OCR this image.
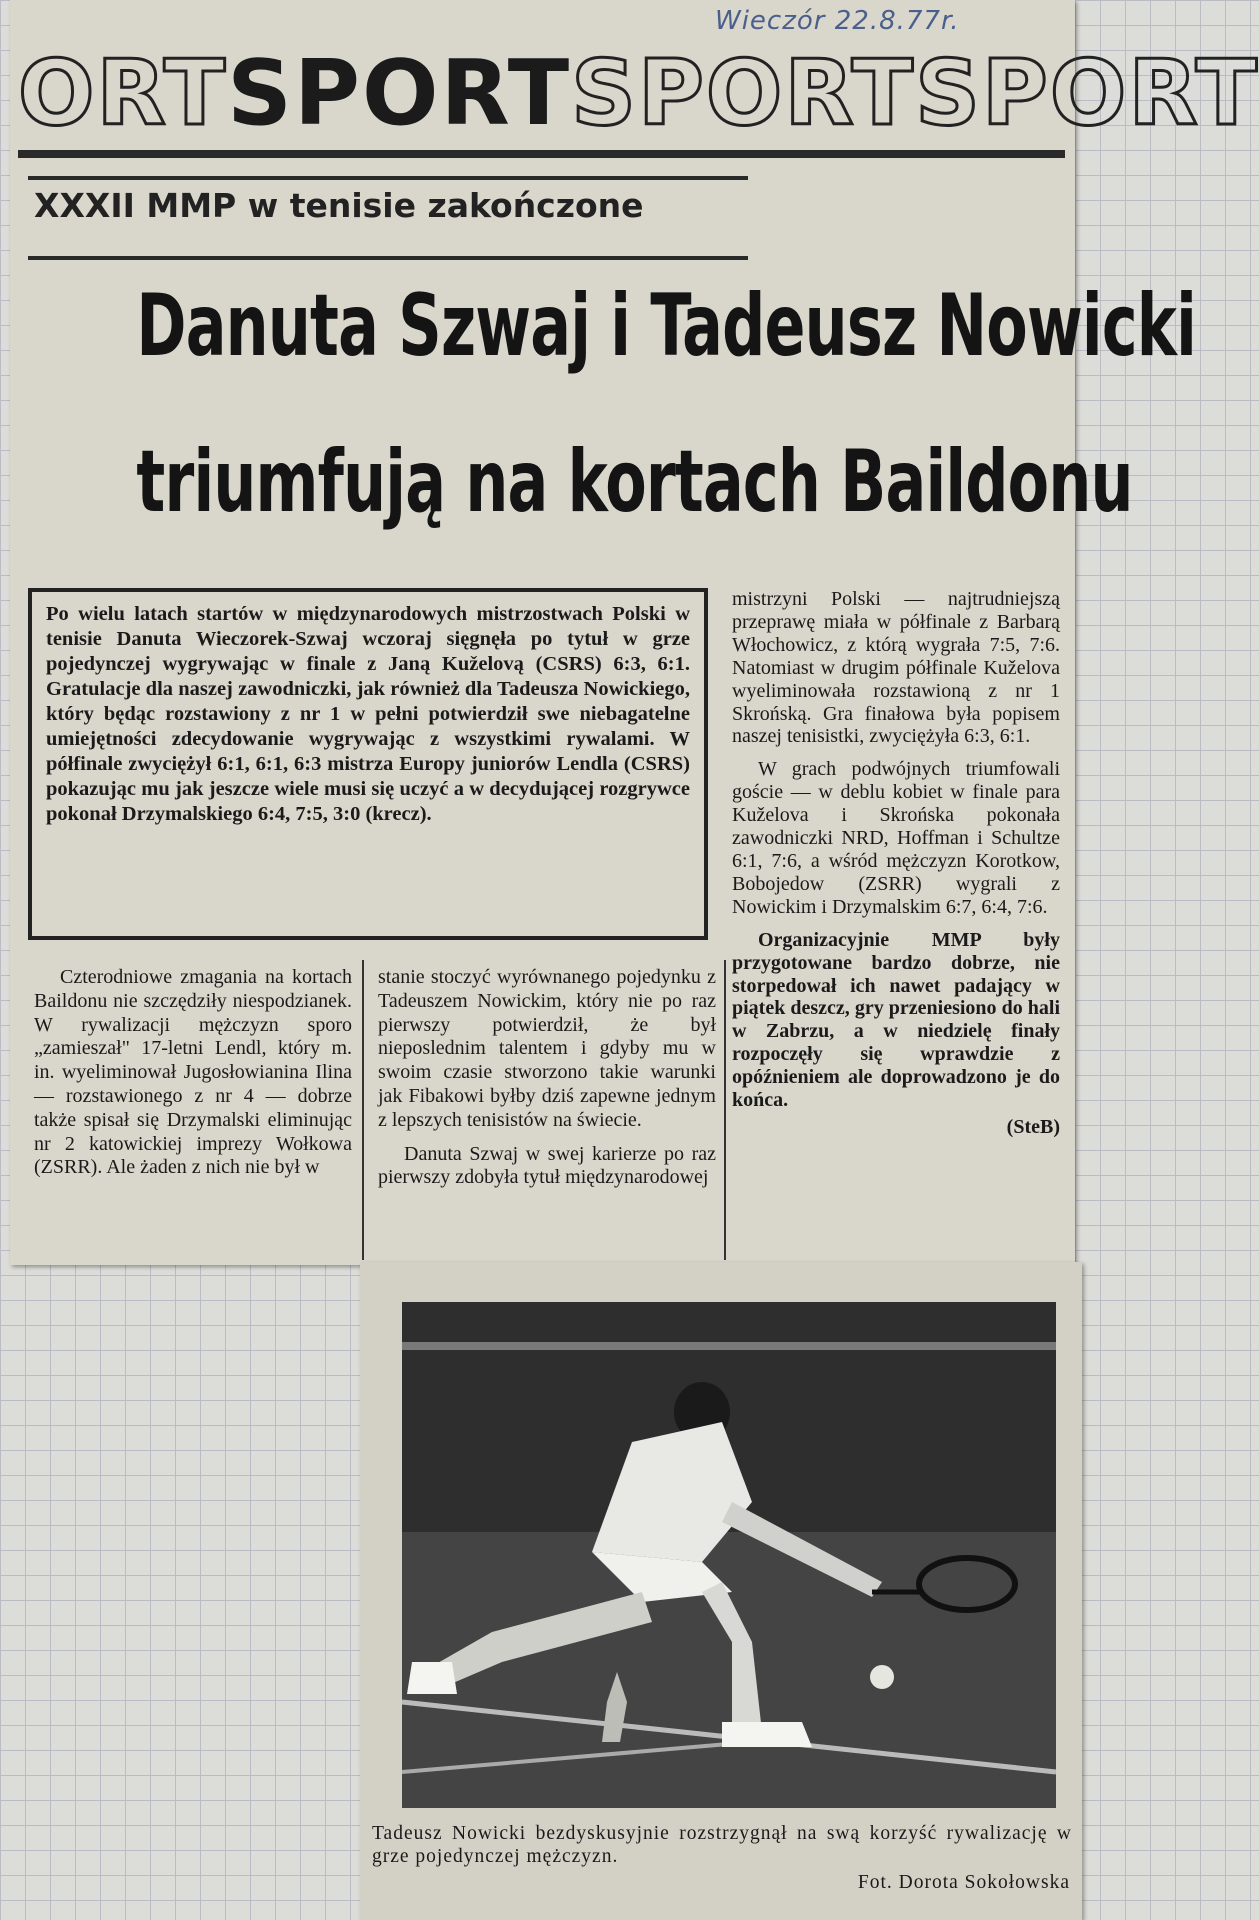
Wieczór 22.8.77r.
ORTSPORTSPORTSPORT
XXXII MMP w tenisie zakończone
Danuta Szwaj i Tadeusz Nowicki
triumfują na kortach Baildonu
Po wielu latach startów w międzynarodowych mistrzostwach Polski w tenisie Danuta Wieczorek-Szwaj wczoraj sięgnęła po tytuł w grze pojedynczej wygrywając w finale z Janą Kuželovą (CSRS) 6:3, 6:1. Gratulacje dla naszej zawodniczki, jak również dla Tadeusza Nowickiego, który będąc rozstawiony z nr 1 w pełni potwierdził swe niebagatelne umiejętności zdecydowanie wygrywając z wszystkimi rywalami. W półfinale zwyciężył 6:1, 6:1, 6:3 mistrza Europy juniorów Lendla (CSRS) pokazując mu jak jeszcze wiele musi się uczyć a w decydującej rozgrywce pokonał Drzymalskiego 6:4, 7:5, 3:0 (krecz).

mistrzyni Polski — najtrudniejszą przeprawę miała w półfinale z Barbarą Włochowicz, z którą wygrała 7:5, 7:6. Natomiast w drugim półfinale Kuželova wyeliminowała rozstawioną z nr 1 Skrońską. Gra finałowa była popisem naszej tenisistki, zwyciężyła 6:3, 6:1.

W grach podwójnych triumfowali goście — w deblu kobiet w finale para Kuželova i Skrońska pokonała zawodniczki NRD, Hoffman i Schultze 6:1, 7:6, a wśród mężczyzn Korotkow, Bobojedow (ZSRR) wygrali z Nowickim i Drzymalskim 6:7, 6:4, 7:6.

Organizacyjnie MMP były przygotowane bardzo dobrze, nie storpedował ich nawet padający w piątek deszcz, gry przeniesiono do hali w Zabrzu, a w niedzielę finały rozpoczęły się wprawdzie z opóźnieniem ale doprowadzono je do końca.

(SteB)

Czterodniowe zmagania na kortach Baildonu nie szczędziły niespodzianek. W rywalizacji mężczyzn sporo „zamieszał" 17-letni Lendl, który m. in. wyeliminował Jugosłowianina Ilina — rozstawionego z nr 4 — dobrze także spisał się Drzymalski eliminując nr 2 katowickiej imprezy Wołkowa (ZSRR). Ale żaden z nich nie był w

stanie stoczyć wyrównanego pojedynku z Tadeuszem Nowickim, który nie po raz pierwszy potwierdził, że był nieposlednim talentem i gdyby mu w swoim czasie stworzono takie warunki jak Fibakowi byłby dziś zapewne jednym z lepszych tenisistów na świecie.

Danuta Szwaj w swej karierze po raz pierwszy zdobyła tytuł międzynarodowej

Tadeusz Nowicki bezdyskusyjnie rozstrzygnął na swą korzyść rywalizację w grze pojedynczej mężczyzn.
Fot. Dorota Sokołowska
